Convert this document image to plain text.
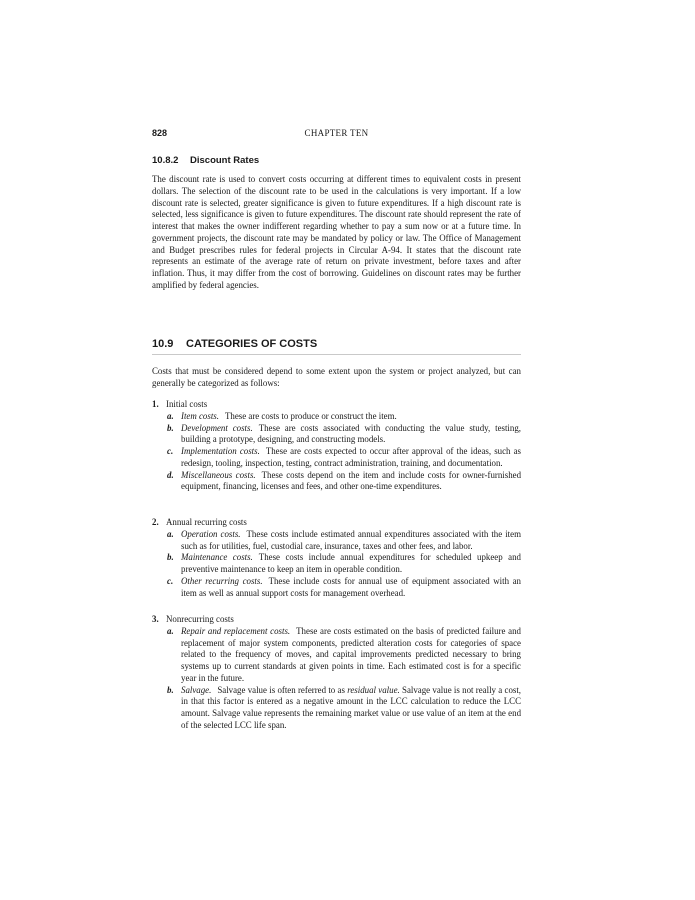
828	CHAPTER TEN
10.8.2 Discount Rates

The discount rate is used to convert costs occurring at different times to equivalent costs in present dollars. The selection of the discount rate to be used in the calculations is very important. If a low discount rate is selected, greater significance is given to future expenditures. If a high discount rate is selected, less significance is given to future expenditures. The discount rate should represent the rate of interest that makes the owner indifferent regarding whether to pay a sum now or at a future time. In government projects, the discount rate may be mandated by policy or law. The Office of Management and Budget prescribes rules for federal projects in Circular A-94. It states that the discount rate represents an estimate of the average rate of return on private investment, before taxes and after inflation. Thus, it may differ from the cost of borrowing. Guidelines on discount rates may be further amplified by federal agencies.

10.9 CATEGORIES OF COSTS

Costs that must be considered depend to some extent upon the system or project analyzed, but can generally be categorized as follows:

1. Initial costs
a. Item costs. These are costs to produce or construct the item.
b. Development costs. These are costs associated with conducting the value study, testing, building a prototype, designing, and constructing models.
c. Implementation costs. These are costs expected to occur after approval of the ideas, such as redesign, tooling, inspection, testing, contract administration, training, and documentation.
d. Miscellaneous costs. These costs depend on the item and include costs for owner-furnished equipment, financing, licenses and fees, and other one-time expenditures.
2. Annual recurring costs
a. Operation costs. These costs include estimated annual expenditures associated with the item such as for utilities, fuel, custodial care, insurance, taxes and other fees, and labor.
b. Maintenance costs. These costs include annual expenditures for scheduled upkeep and preventive maintenance to keep an item in operable condition.
c. Other recurring costs. These include costs for annual use of equipment associated with an item as well as annual support costs for management overhead.
3. Nonrecurring costs
a. Repair and replacement costs. These are costs estimated on the basis of predicted failure and replacement of major system components, predicted alteration costs for categories of space related to the frequency of moves, and capital improvements predicted necessary to bring systems up to current standards at given points in time. Each estimated cost is for a specific year in the future.
b. Salvage. Salvage value is often referred to as residual value. Salvage value is not really a cost, in that this factor is entered as a negative amount in the LCC calculation to reduce the LCC amount. Salvage value represents the remaining market value or use value of an item at the end of the selected LCC life span.
